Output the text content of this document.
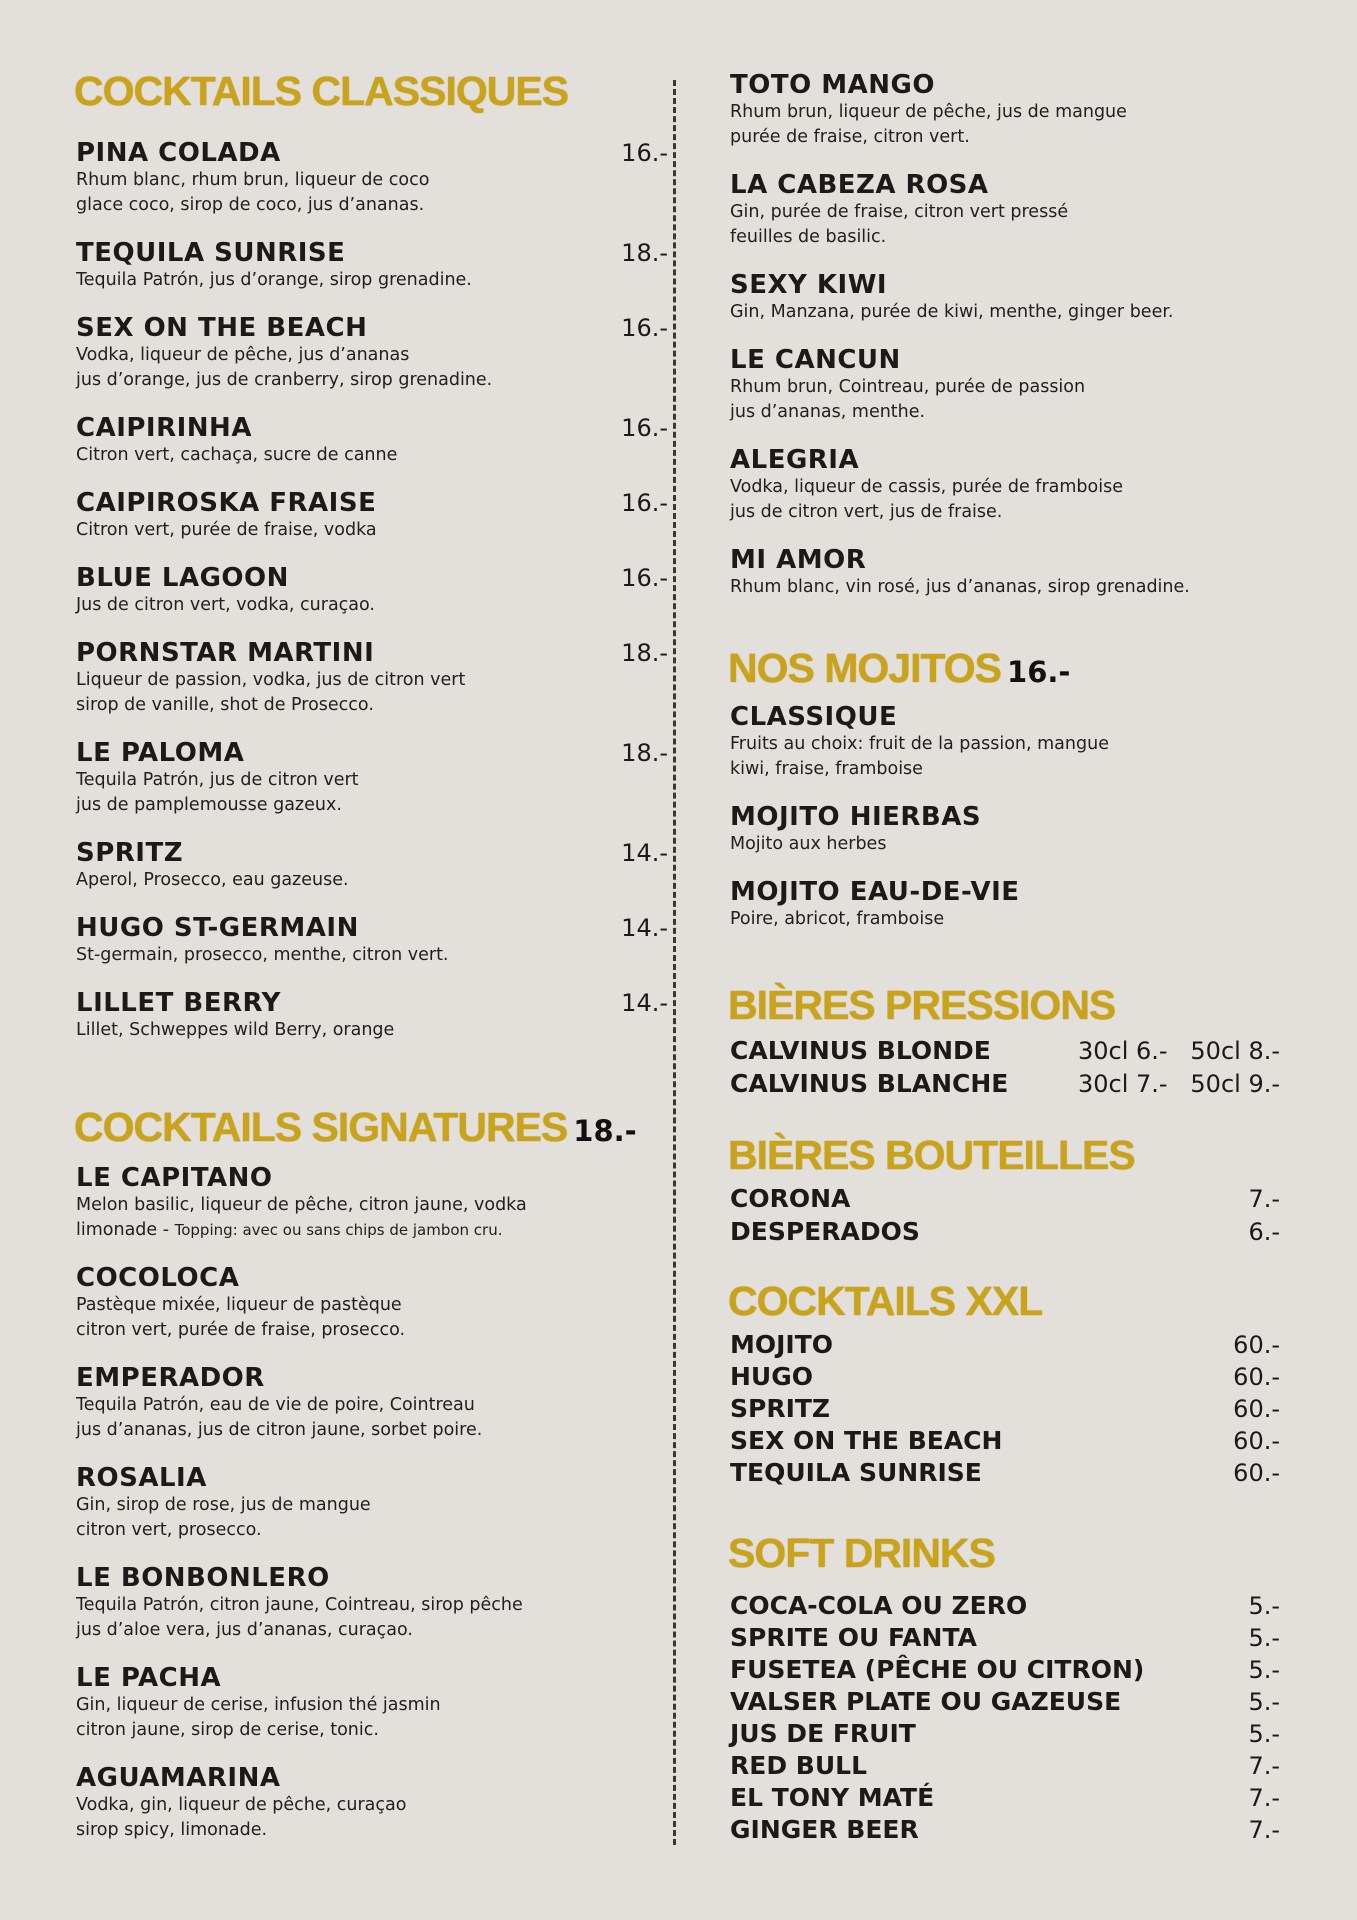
COCKTAILS CLASSIQUES
PINA COLADA	16.-
Rhum blanc, rhum brun, liqueur de coco
glace coco, sirop de coco, jus d’ananas.
TEQUILA SUNRISE	18.-
Tequila Patrón, jus d’orange, sirop grenadine.
SEX ON THE BEACH	16.-
Vodka, liqueur de pêche, jus d’ananas
jus d’orange, jus de cranberry, sirop grenadine.
CAIPIRINHA	16.-
Citron vert, cachaça, sucre de canne
CAIPIROSKA FRAISE	16.-
Citron vert, purée de fraise, vodka
BLUE LAGOON	16.-
Jus de citron vert, vodka, curaçao.
PORNSTAR MARTINI	18.-
Liqueur de passion, vodka, jus de citron vert
sirop de vanille, shot de Prosecco.
LE PALOMA	18.-
Tequila Patrón, jus de citron vert
jus de pamplemousse gazeux.
SPRITZ	14.-
Aperol, Prosecco, eau gazeuse.
HUGO ST-GERMAIN	14.-
St-germain, prosecco, menthe, citron vert.
LILLET BERRY	14.-
Lillet, Schweppes wild Berry, orange
COCKTAILS SIGNATURES 18.-
LE CAPITANO
Melon basilic, liqueur de pêche, citron jaune, vodka
limonade - Topping: avec ou sans chips de jambon cru.
COCOLOCA
Pastèque mixée, liqueur de pastèque
citron vert, purée de fraise, prosecco.
EMPERADOR
Tequila Patrón, eau de vie de poire, Cointreau
jus d’ananas, jus de citron jaune, sorbet poire.
ROSALIA
Gin, sirop de rose, jus de mangue
citron vert, prosecco.
LE BONBONLERO
Tequila Patrón, citron jaune, Cointreau, sirop pêche
jus d’aloe vera, jus d’ananas, curaçao.
LE PACHA
Gin, liqueur de cerise, infusion thé jasmin
citron jaune, sirop de cerise, tonic.
AGUAMARINA
Vodka, gin, liqueur de pêche, curaçao
sirop spicy, limonade.
TOTO MANGO
Rhum brun, liqueur de pêche, jus de mangue
purée de fraise, citron vert.
LA CABEZA ROSA
Gin, purée de fraise, citron vert pressé
feuilles de basilic.
SEXY KIWI
Gin, Manzana, purée de kiwi, menthe, ginger beer.
LE CANCUN
Rhum brun, Cointreau, purée de passion
jus d’ananas, menthe.
ALEGRIA
Vodka, liqueur de cassis, purée de framboise
jus de citron vert, jus de fraise.
MI AMOR
Rhum blanc, vin rosé, jus d’ananas, sirop grenadine.
NOS MOJITOS 16.-
CLASSIQUE
Fruits au choix: fruit de la passion, mangue
kiwi, fraise, framboise
MOJITO HIERBAS
Mojito aux herbes
MOJITO EAU-DE-VIE
Poire, abricot, framboise
BIÈRES PRESSIONS
CALVINUS BLONDE	30cl 6.- 50cl 8.-
CALVINUS BLANCHE	30cl 7.- 50cl 9.-
BIÈRES BOUTEILLES
CORONA	7.-
DESPERADOS	6.-
COCKTAILS XXL
MOJITO	60.-
HUGO	60.-
SPRITZ	60.-
SEX ON THE BEACH	60.-
TEQUILA SUNRISE	60.-
SOFT DRINKS
COCA-COLA OU ZERO	5.-
SPRITE OU FANTA	5.-
FUSETEA (PÊCHE OU CITRON)	5.-
VALSER PLATE OU GAZEUSE	5.-
JUS DE FRUIT	5.-
RED BULL	7.-
EL TONY MATÉ	7.-
GINGER BEER	7.-
